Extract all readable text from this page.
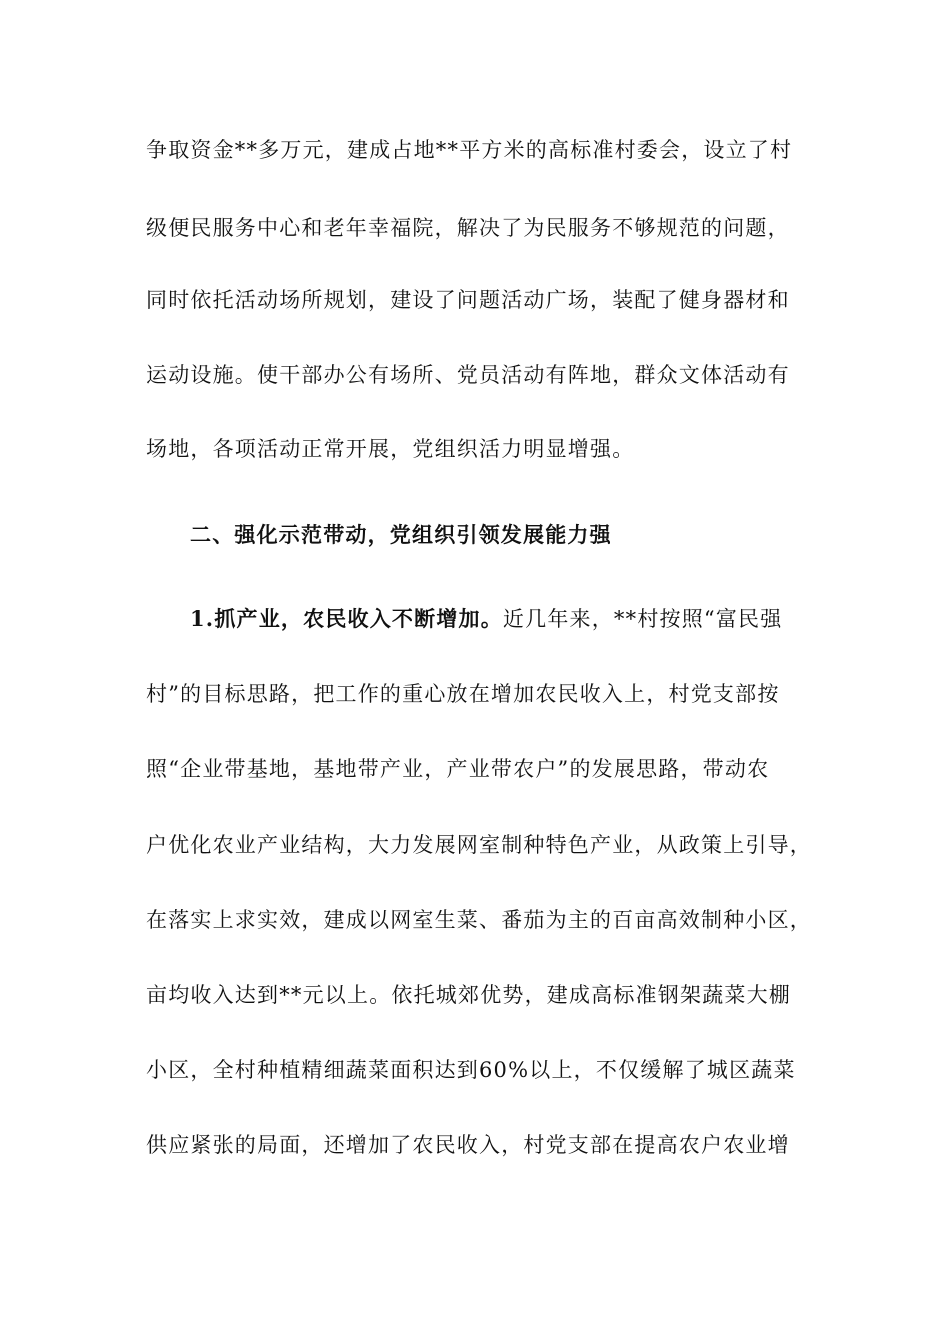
争取资金**多万元，建成占地**平方米的高标准村委会，设立了村
级便民服务中心和老年幸福院，解决了为民服务不够规范的问题，
同时依托活动场所规划，建设了问题活动广场，装配了健身器材和
运动设施。使干部办公有场所、党员活动有阵地，群众文体活动有
场地，各项活动正常开展，党组织活力明显增强。
二、强化示范带动，党组织引领发展能力强
1.抓产业，农民收入不断增加。近几年来，**村按照“富民强
村”的目标思路，把工作的重心放在增加农民收入上，村党支部按
照“企业带基地，基地带产业，产业带农户”的发展思路，带动农
户优化农业产业结构，大力发展网室制种特色产业，从政策上引导，
在落实上求实效，建成以网室生菜、番茄为主的百亩高效制种小区，
亩均收入达到**元以上。依托城郊优势，建成高标准钢架蔬菜大棚
小区，全村种植精细蔬菜面积达到60%以上，不仅缓解了城区蔬菜
供应紧张的局面，还增加了农民收入，村党支部在提高农户农业增
